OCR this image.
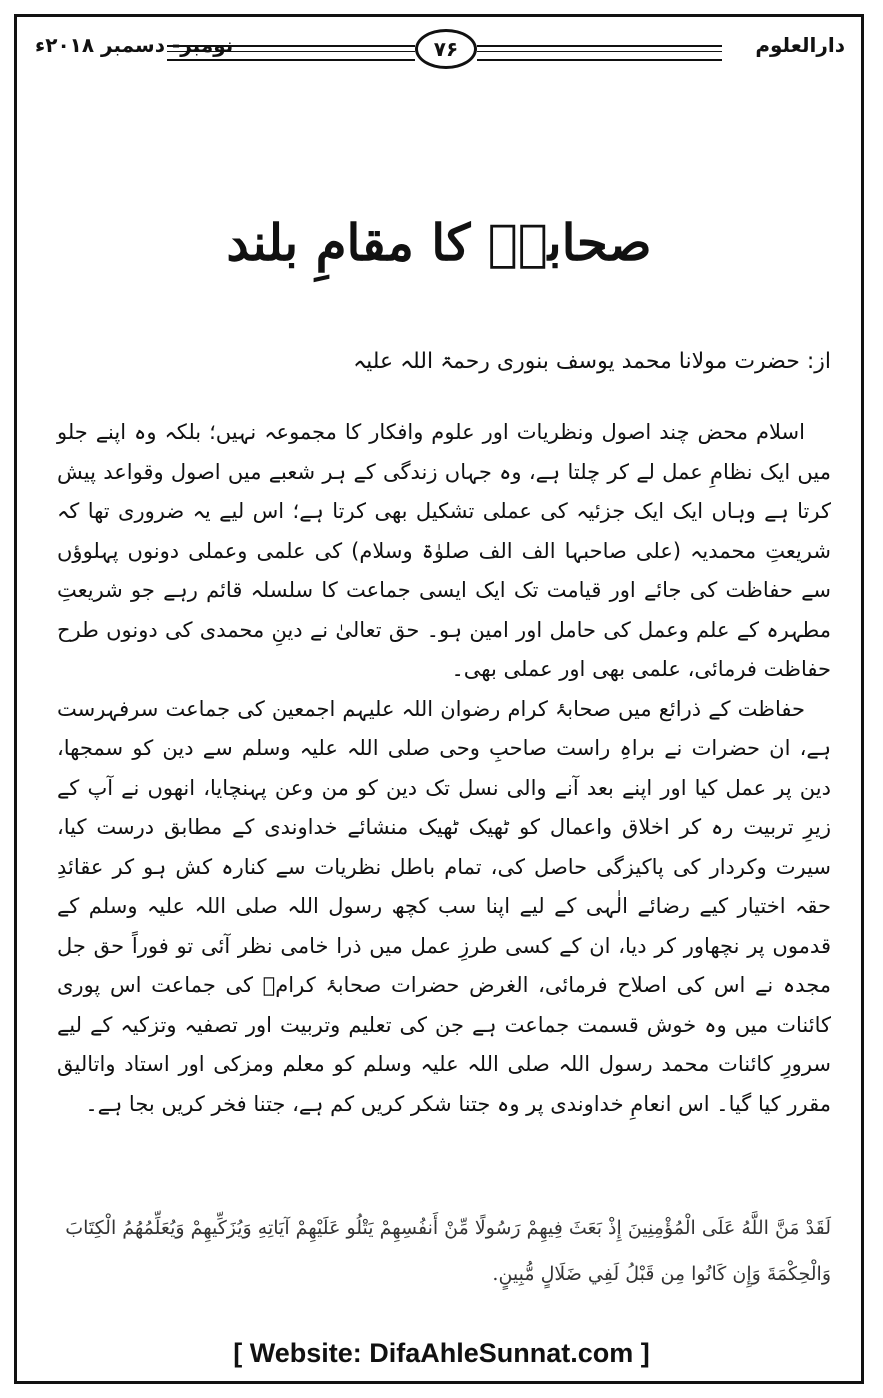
دارالعلوم
۷۶
نومبر- دسمبر ۲۰۱۸ء
صحابہؓ کا مقامِ بلند
از: حضرت مولانا محمد یوسف بنوری رحمۃ اللہ علیہ

اسلام محض چند اصول ونظریات اور علوم وافکار کا مجموعہ نہیں؛ بلکہ وہ اپنے جلو میں ایک نظامِ عمل لے کر چلتا ہے، وہ جہاں زندگی کے ہر شعبے میں اصول وقواعد پیش کرتا ہے وہاں ایک ایک جزئیہ کی عملی تشکیل بھی کرتا ہے؛ اس لیے یہ ضروری تھا کہ شریعتِ محمدیہ (علی صاحبہا الف الف صلوٰۃ وسلام) کی علمی وعملی دونوں پہلوؤں سے حفاظت کی جائے اور قیامت تک ایک ایسی جماعت کا سلسلہ قائم رہے جو شریعتِ مطہرہ کے علم وعمل کی حامل اور امین ہو۔ حق تعالیٰ نے دینِ محمدی کی دونوں طرح حفاظت فرمائی، علمی بھی اور عملی بھی۔

حفاظت کے ذرائع میں صحابۂ کرام رضوان اللہ علیہم اجمعین کی جماعت سرفہرست ہے، ان حضرات نے براہِ راست صاحبِ وحی صلی اللہ علیہ وسلم سے دین کو سمجھا، دین پر عمل کیا اور اپنے بعد آنے والی نسل تک دین کو من وعن پہنچایا، انھوں نے آپ کے زیرِ تربیت رہ کر اخلاق واعمال کو ٹھیک ٹھیک منشائے خداوندی کے مطابق درست کیا، سیرت وکردار کی پاکیزگی حاصل کی، تمام باطل نظریات سے کنارہ کش ہو کر عقائدِ حقہ اختیار کیے رضائے الٰہی کے لیے اپنا سب کچھ رسول اللہ صلی اللہ علیہ وسلم کے قدموں پر نچھاور کر دیا، ان کے کسی طرزِ عمل میں ذرا خامی نظر آئی تو فوراً حق جل مجدہ نے اس کی اصلاح فرمائی، الغرض حضرات صحابۂ کرامؓ کی جماعت اس پوری کائنات میں وہ خوش قسمت جماعت ہے جن کی تعلیم وتربیت اور تصفیہ وتزکیہ کے لیے سرورِ کائنات محمد رسول اللہ صلی اللہ علیہ وسلم کو معلم ومزکی اور استاد واتالیق مقرر کیا گیا۔ اس انعامِ خداوندی پر وہ جتنا شکر کریں کم ہے، جتنا فخر کریں بجا ہے۔

لَقَدْ مَنَّ اللَّهُ عَلَى الْمُؤْمِنِينَ إِذْ بَعَثَ فِيهِمْ رَسُولًا مِّنْ أَنفُسِهِمْ يَتْلُو عَلَيْهِمْ آيَاتِهِ وَيُزَكِّيهِمْ وَيُعَلِّمُهُمُ الْكِتَابَ وَالْحِكْمَةَ وَإِن كَانُوا مِن قَبْلُ لَفِي ضَلَالٍ مُّبِينٍ.
[ Website: DifaAhleSunnat.com ]
